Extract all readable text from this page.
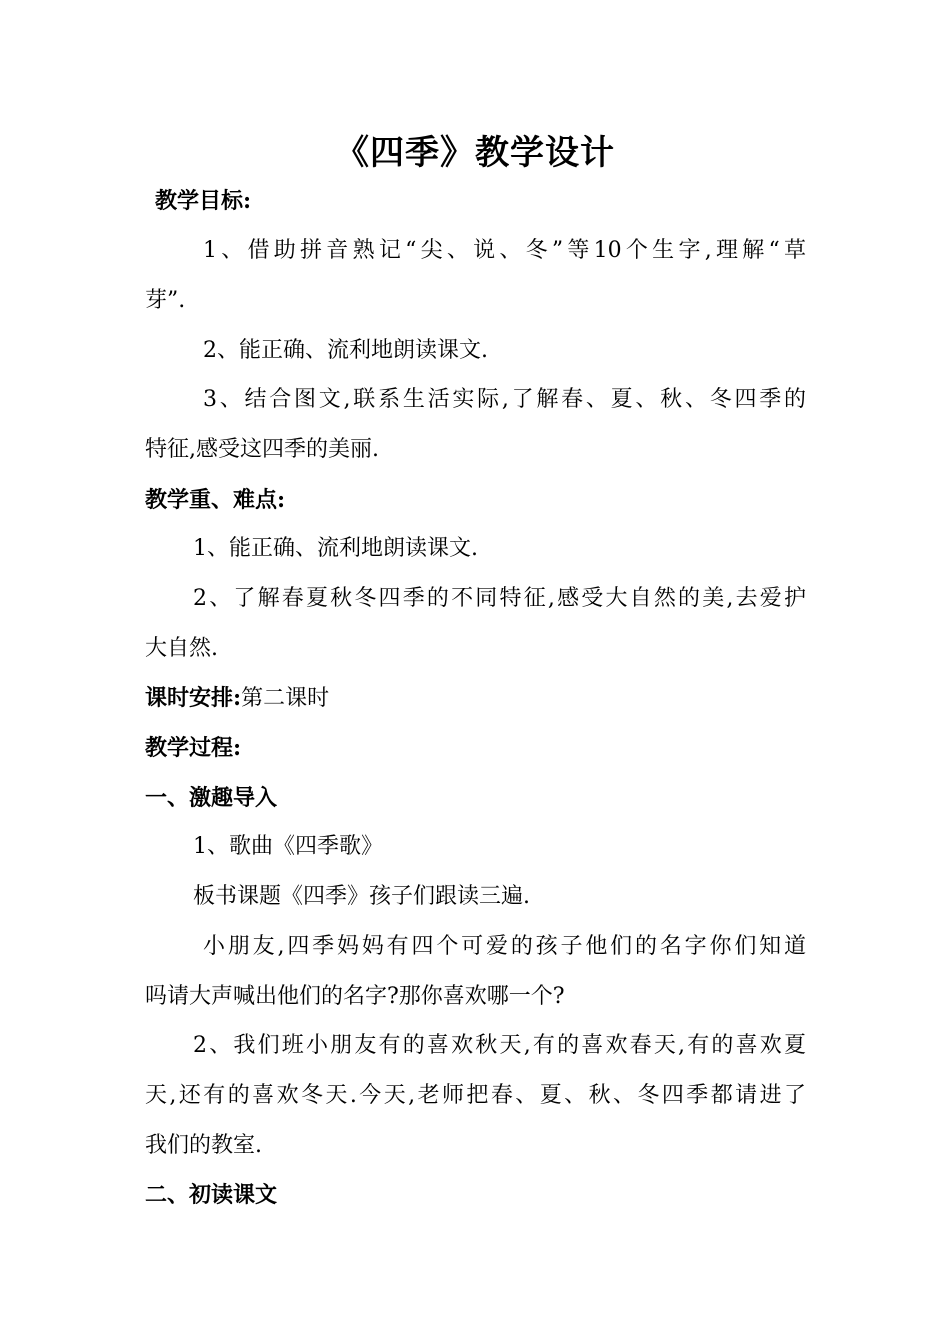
《四季》教学设计
教学目标:
1、借助拼音熟记“尖、说、冬”等10个生字,理解“草
芽”.
2、能正确、流利地朗读课文.
3、结合图文,联系生活实际,了解春、夏、秋、冬四季的
特征,感受这四季的美丽.
教学重、难点:
1、能正确、流利地朗读课文.
2、了解春夏秋冬四季的不同特征,感受大自然的美,去爱护
大自然.
课时安排:第二课时
教学过程:
一、激趣导入
1、歌曲《四季歌》
板书课题《四季》孩子们跟读三遍.
小朋友,四季妈妈有四个可爱的孩子他们的名字你们知道
吗请大声喊出他们的名字?那你喜欢哪一个?
2、我们班小朋友有的喜欢秋天,有的喜欢春天,有的喜欢夏
天,还有的喜欢冬天.今天,老师把春、夏、秋、冬四季都请进了
我们的教室.
二、初读课文
